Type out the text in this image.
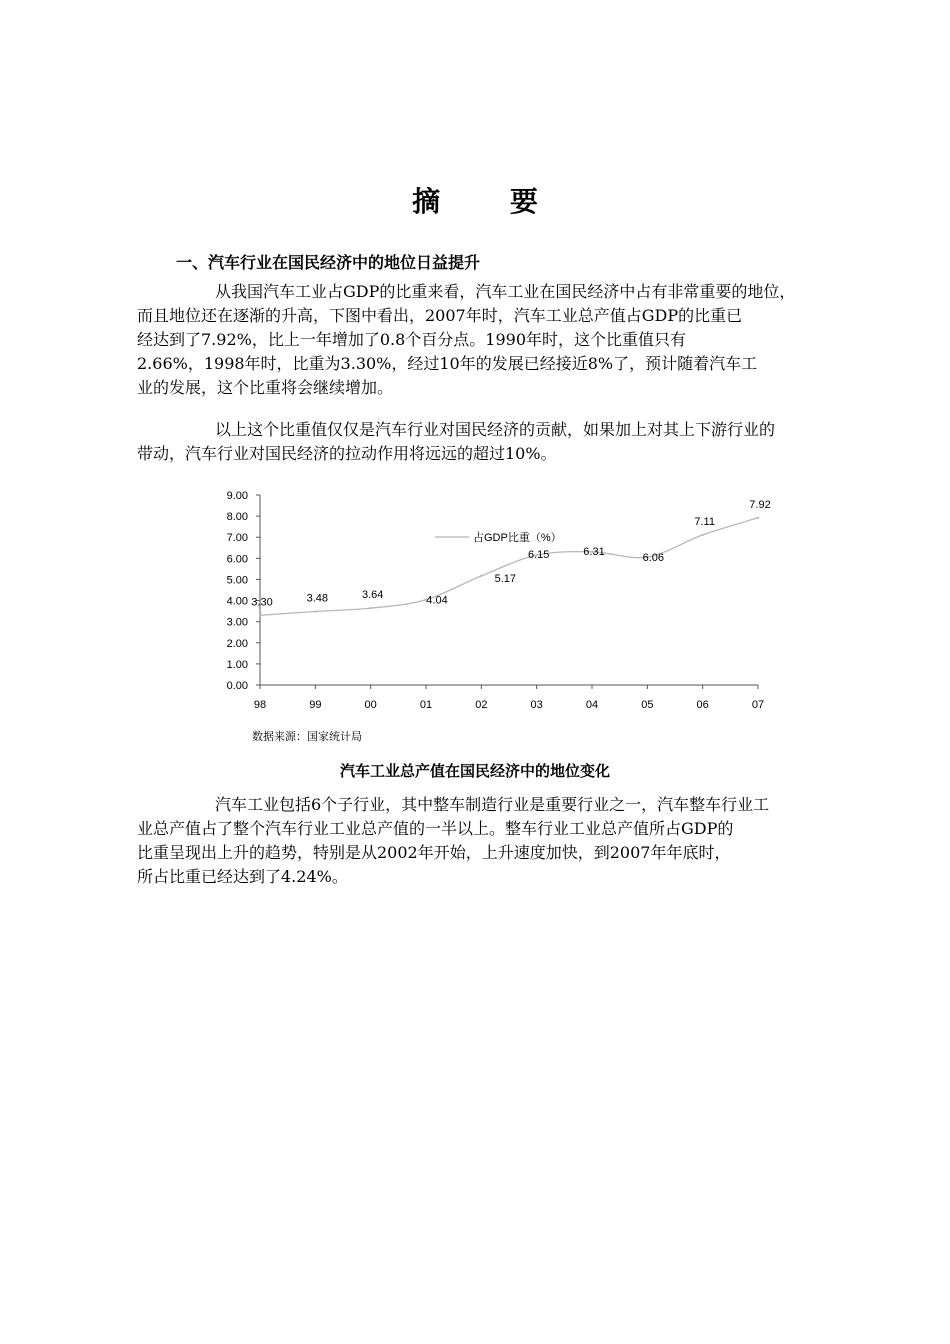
摘 要
一、汽车行业在国民经济中的地位日益提升
从我国汽车工业占GDP的比重来看，汽车工业在国民经济中占有非常重要的地位，
而且地位还在逐渐的升高，下图中看出，2007年时，汽车工业总产值占GDP的比重已
经达到了7.92%，比上一年增加了0.8个百分点。1990年时，这个比重值只有
2.66%，1998年时，比重为3.30%，经过10年的发展已经接近8%了，预计随着汽车工
业的发展，这个比重将会继续增加。
以上这个比重值仅仅是汽车行业对国民经济的贡献，如果加上对其上下游行业的
带动，汽车行业对国民经济的拉动作用将远远的超过10%。
0.00
1.00
2.00
3.00
4.00
5.00
6.00
7.00
8.00
9.00
98	99	00	01	02	03	04	05	06	07
3.30	3.48	3.64	4.04
5.17
6.15	6.31
6.06
7.11
7.92
占GDP比重（%）
数据来源：国家统计局
汽车工业总产值在国民经济中的地位变化
汽车工业包括6个子行业，其中整车制造行业是重要行业之一，汽车整车行业工
业总产值占了整个汽车行业工业总产值的一半以上。整车行业工业总产值所占GDP的
比重呈现出上升的趋势，特别是从2002年开始，上升速度加快，到2007年年底时，
所占比重已经达到了4.24%。
